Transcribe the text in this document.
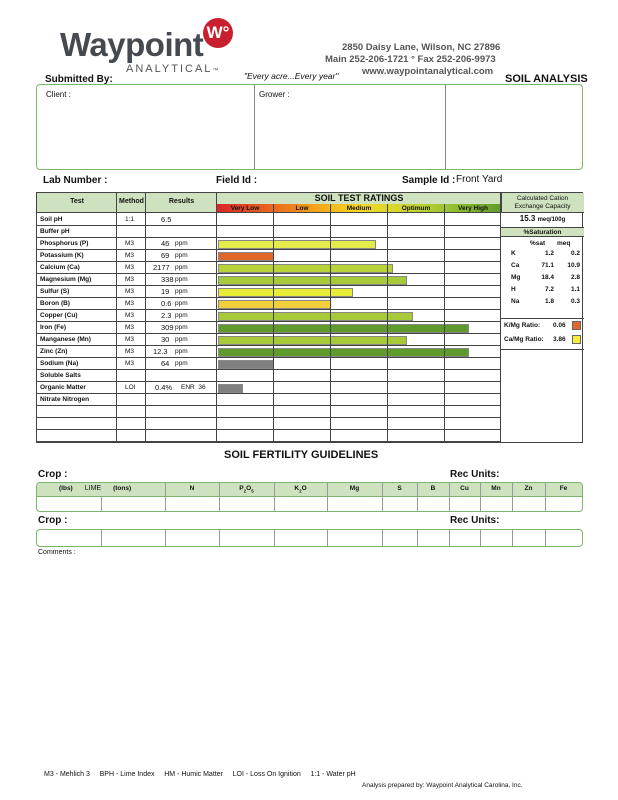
Waypoint W°
ANALYTICAL™
2850 Daisy Lane, Wilson, NC 27896
Main 252-206-1721 ° Fax 252-206-9973
www.waypointanalytical.com
Submitted By:	"Every acre...Every year"	SOIL ANALYSIS
Client :	Grower :
Lab Number :	Field Id :	Sample Id : Front Yard
Test	Method	Results	SOIL TEST RATINGS
Very Low	Low	Medium	Optimum	Very High
Calculated Cation
Exchange Capacity
Soil pH	1:1	6.5
Buffer pH
Phosphorus (P)	M3	46 ppm
Potassium (K)	M3	69 ppm
Calcium (Ca)	M3	2177 ppm
Magnesium (Mg)	M3	338 ppm
Sulfur (S)	M3	19 ppm
Boron (B)	M3	0.6 ppm
Copper (Cu)	M3	2.3 ppm
Iron (Fe)	M3	309 ppm
Manganese (Mn)	M3	30 ppm
Zinc (Zn)	M3	12.3 ppm
Sodium (Na)	M3	64 ppm
Soluble Salts
Organic Matter	LOI	0.4% ENR  36
Nitrate Nitrogen
15.3 meq/100g
%Saturation
%sat meq
K	1.2	0.2
Ca	71.1	10.9
Mg	18.4	2.8
H	7.2	1.1
Na	1.8	0.3
K/Mg Ratio: 0.06
Ca/Mg Ratio: 3.86
SOIL FERTILITY GUIDELINES
Crop :	Rec Units:
(lbs) LIME (tons)	N	$P_2O_5$	$K_2O$	Mg	S	B	Cu	Mn	Zn	Fe
Crop :	Rec Units:
Comments :
M3 - Mehlich 3     BPH - Lime Index     HM - Humic Matter     LOI - Loss On Ignition     1:1 - Water pH
Analysis prepared by: Waypoint Analytical Carolina, Inc.
